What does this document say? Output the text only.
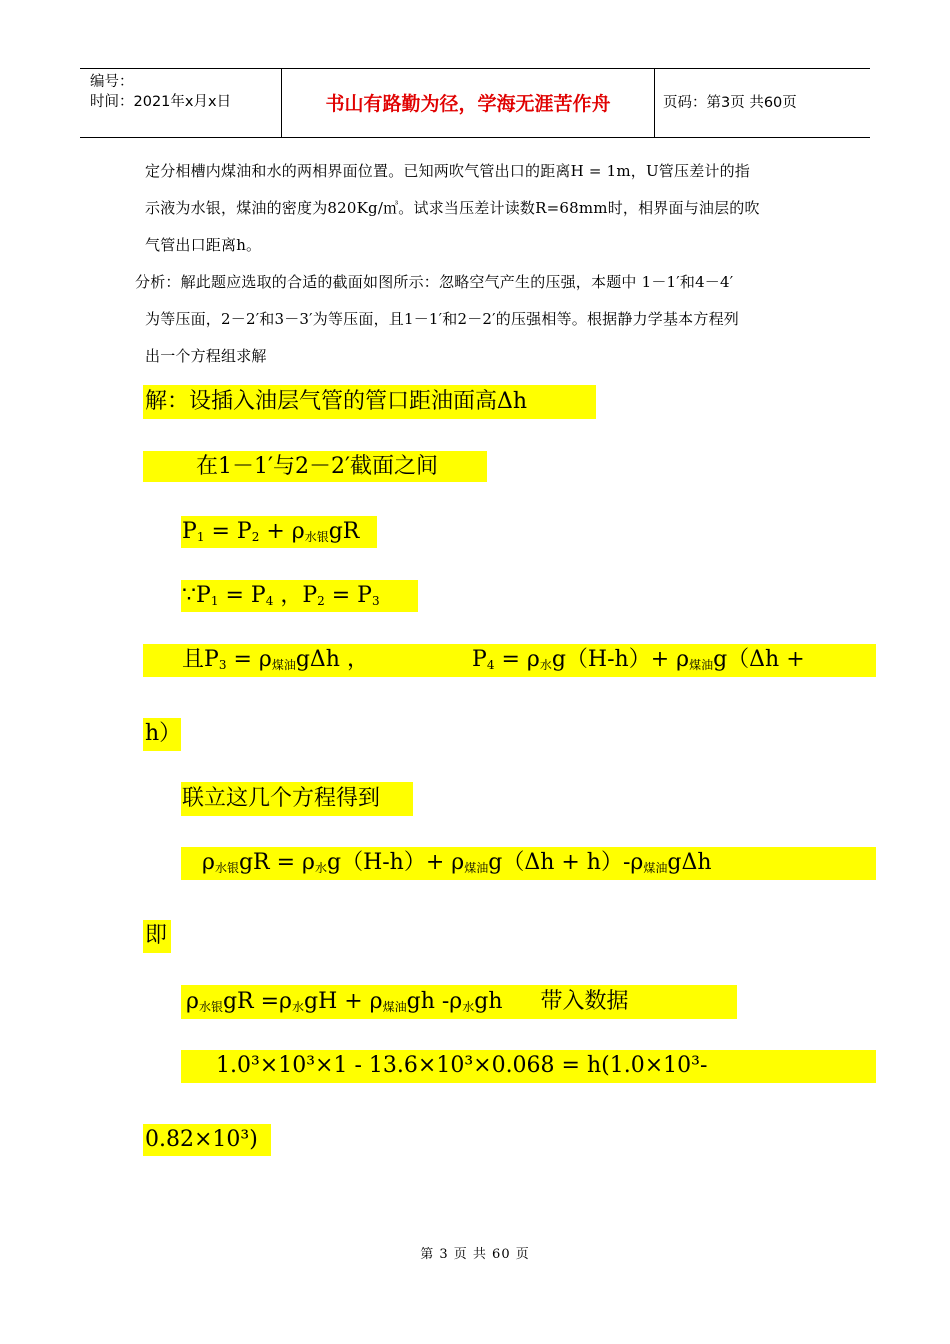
编号：
时间：2021年x月x日	书山有路勤为径，学海无涯苦作舟	页码：第3页 共60页
定分相槽内煤油和水的两相界面位置。已知两吹气管出口的距离H = 1m，U管压差计的指
示液为水银，煤油的密度为820Kg/㎥。试求当压差计读数R=68mm时，相界面与油层的吹
气管出口距离h。
分析：解此题应选取的合适的截面如图所示：忽略空气产生的压强，本题中 1－1′和4－4′
为等压面，2－2′和3－3′为等压面，且1－1′和2－2′的压强相等。根据静力学基本方程列
出一个方程组求解
解：设插入油层气管的管口距油面高Δh
在1－1′与2－2′截面之间
$P_1 = P_2 + \rho_{水银}gR$
$\because P_1 = P_4$ ，$P_2 = P_3$
且$P_3 = \rho_{煤油}g\Delta h$ ，	$P_4 = \rho_水g(H-h)+ \rho_{煤油}g(\Delta h$ +
h）
联立这几个方程得到
$\rho_{水银}gR = \rho_水g(H-h)+ \rho_{煤油}g(\Delta h + h)-\rho_{煤油}g\Delta h$
即
$\rho_{水银}gR =\rho_水gH + \rho_{煤油}gh$ $-\rho_水gh$ 带入数据
1.0³×10³×1 - 13.6×10³×0.068 = h(1.0×10³-
0.82×10³)
第 3 页 共 60 页
